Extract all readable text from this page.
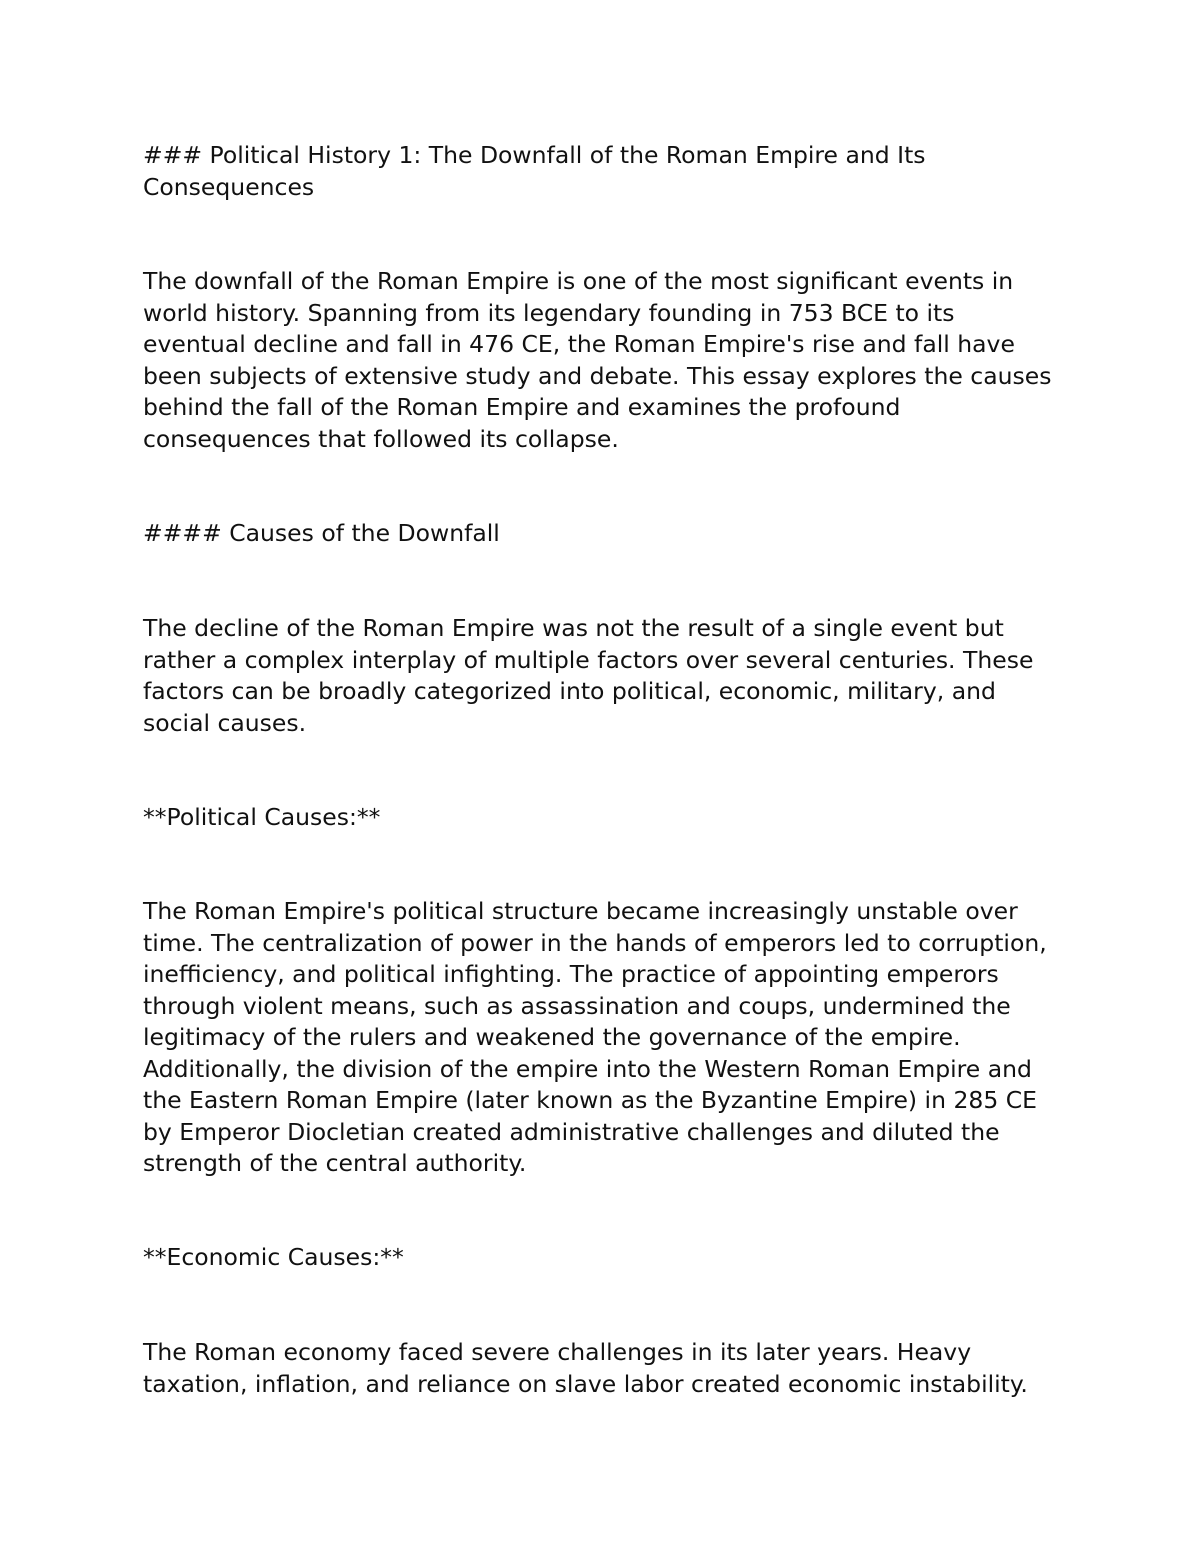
### Political History 1: The Downfall of the Roman Empire and Its
Consequences

The downfall of the Roman Empire is one of the most significant events in
world history. Spanning from its legendary founding in 753 BCE to its
eventual decline and fall in 476 CE, the Roman Empire's rise and fall have
been subjects of extensive study and debate. This essay explores the causes
behind the fall of the Roman Empire and examines the profound
consequences that followed its collapse.

#### Causes of the Downfall

The decline of the Roman Empire was not the result of a single event but
rather a complex interplay of multiple factors over several centuries. These
factors can be broadly categorized into political, economic, military, and
social causes.

**Political Causes:**

The Roman Empire's political structure became increasingly unstable over
time. The centralization of power in the hands of emperors led to corruption,
inefficiency, and political infighting. The practice of appointing emperors
through violent means, such as assassination and coups, undermined the
legitimacy of the rulers and weakened the governance of the empire.
Additionally, the division of the empire into the Western Roman Empire and
the Eastern Roman Empire (later known as the Byzantine Empire) in 285 CE
by Emperor Diocletian created administrative challenges and diluted the
strength of the central authority.

**Economic Causes:**

The Roman economy faced severe challenges in its later years. Heavy
taxation, inflation, and reliance on slave labor created economic instability.
